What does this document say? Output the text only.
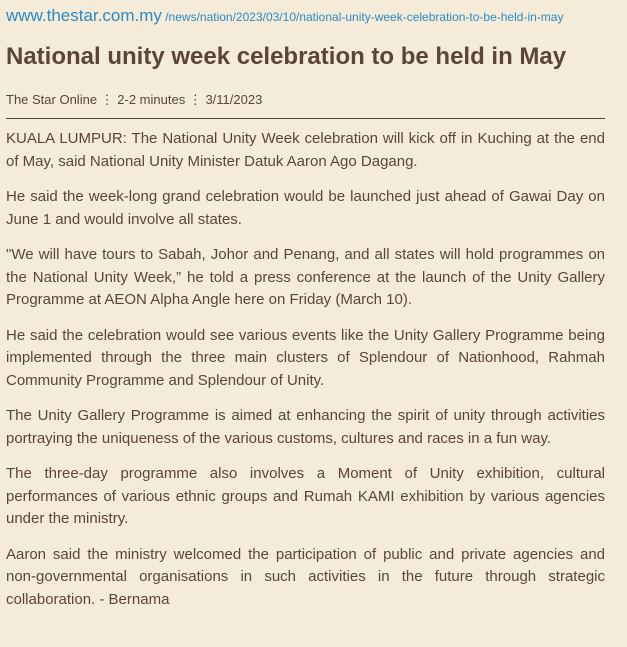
www.thestar.com.my /news/nation/2023/03/10/national-unity-week-celebration-to-be-held-in-may
National unity week celebration to be held in May
The Star Online ⋮ 2-2 minutes ⋮ 3/11/2023

KUALA LUMPUR: The National Unity Week celebration will kick off in Kuching at the end of May, said National Unity Minister Datuk Aaron Ago Dagang.

He said the week-long grand celebration would be launched just ahead of Gawai Day on June 1 and would involve all states.

"We will have tours to Sabah, Johor and Penang, and all states will hold programmes on the National Unity Week,” he told a press conference at the launch of the Unity Gallery Programme at AEON Alpha Angle here on Friday (March 10).

He said the celebration would see various events like the Unity Gallery Programme being implemented through the three main clusters of Splendour of Nationhood, Rahmah Community Programme and Splendour of Unity.

The Unity Gallery Programme is aimed at enhancing the spirit of unity through activities portraying the uniqueness of the various customs, cultures and races in a fun way.

The three-day programme also involves a Moment of Unity exhibition, cultural performances of various ethnic groups and Rumah KAMI exhibition by various agencies under the ministry.

Aaron said the ministry welcomed the participation of public and private agencies and non-governmental organisations in such activities in the future through strategic collaboration. - Bernama
